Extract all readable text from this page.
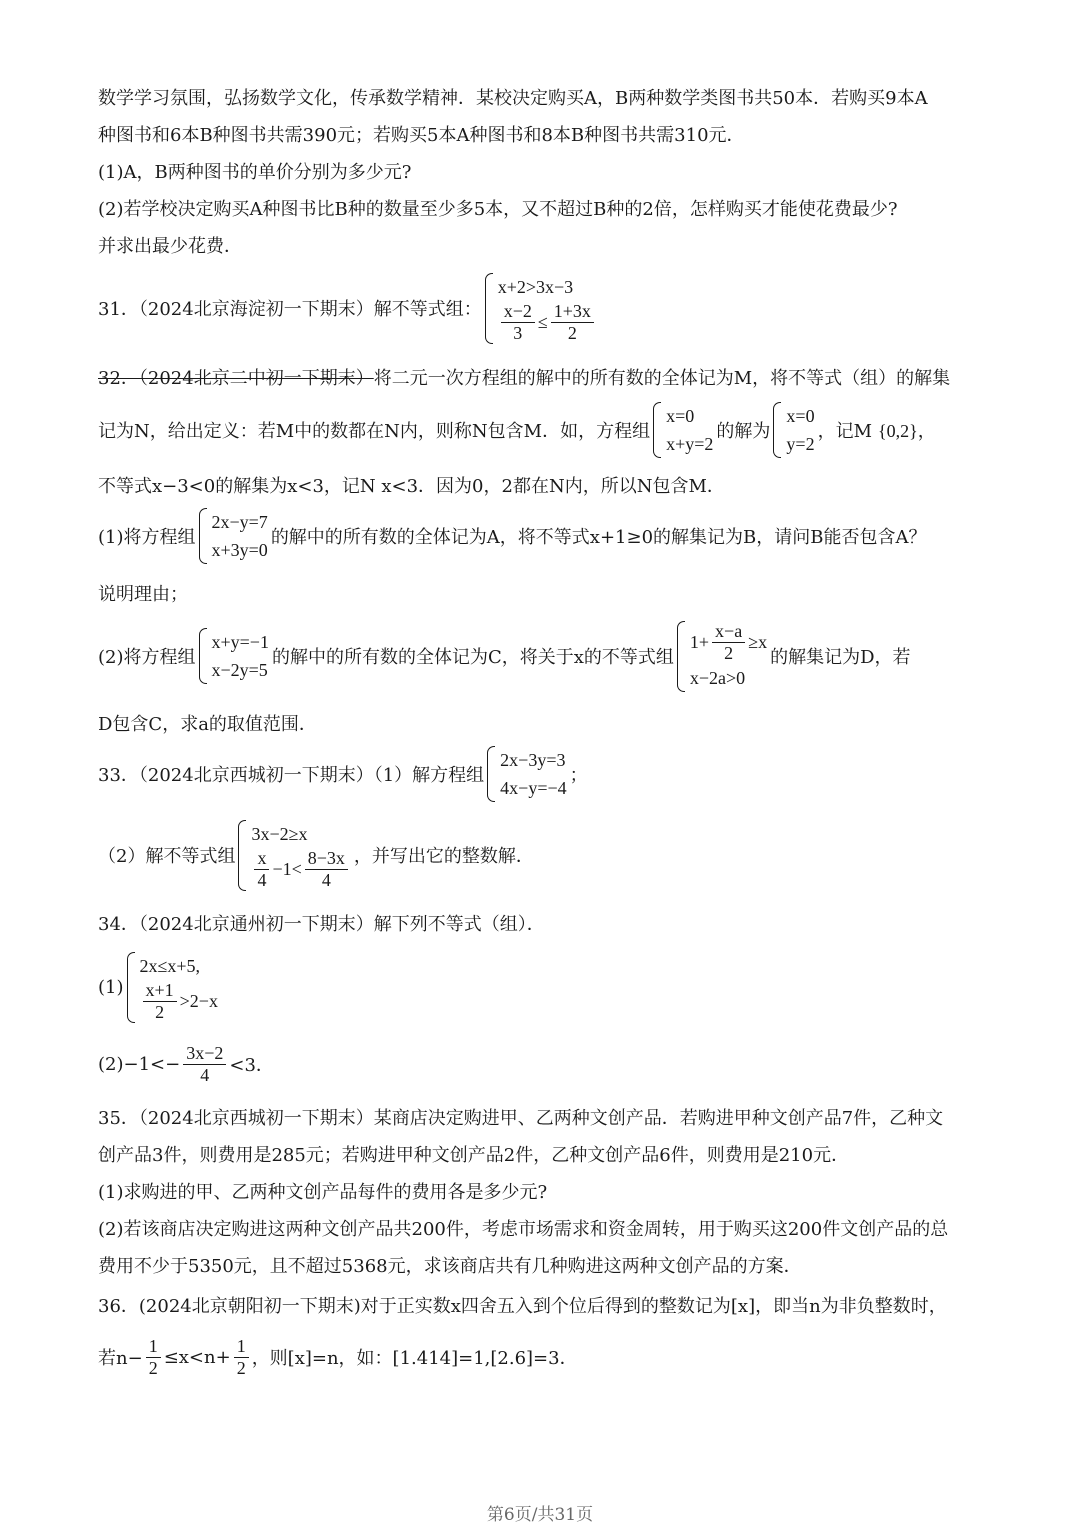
数学学习氛围，弘扬数学文化，传承数学精神．某校决定购买A，B两种数学类图书共50本．若购买9本A
种图书和6本B种图书共需390元；若购买5本A种图书和8本B种图书共需310元．
(1)A，B两种图书的单价分别为多少元?
(2)若学校决定购买A种图书比B种的数量至少多5本，又不超过B种的2倍，怎样购买才能使花费最少?
并求出最少花费．
31．（2024北京海淀初一下期末）解不等式组：
x+2>3x−3
$\frac{x-2}{3} \le \frac{1+3x}{2}$
32．（2024北京二中初一下期末）将二元一次方程组的解中的所有数的全体记为M，将不等式（组）的解集
记为N，给出定义：若M中的数都在N内，则称N包含M．如，方程组
x=0
x+y=2
的解为
x=0
y=2
，记M {0,2}，
不等式x−3<0的解集为x<3，记N x<3．因为0，2都在N内，所以N包含M．
(1)将方程组
2x−y=7
x+3y=0
的解中的所有数的全体记为A，将不等式x+1≥0的解集记为B，请问B能否包含A？
说明理由；
(2)将方程组
x+y=−1
x−2y=5
的解中的所有数的全体记为C，将关于x的不等式组
$1+ \frac{x-a}{2} \ge x$
x−2a>0
的解集记为D，若
D包含C，求a的取值范围．
33．（2024北京西城初一下期末）（1）解方程组
2x−3y=3
4x−y=−4
；
（2）解不等式组
3x−2≥x
$\frac{x}{4} -1< \frac{8-3x}{4}$ ，并写出它的整数解．
34．（2024北京通州初一下期末）解下列不等式（组）．
(1)
2x≤x+5,
$\frac{x+1}{2} >2-x$
$(2)-1<- \frac{3x-2}{4} <3$．
35．（2024北京西城初一下期末）某商店决定购进甲、乙两种文创产品．若购进甲种文创产品7件，乙种文
创产品3件，则费用是285元；若购进甲种文创产品2件，乙种文创产品6件，则费用是210元．
(1)求购进的甲、乙两种文创产品每件的费用各是多少元?
(2)若该商店决定购进这两种文创产品共200件，考虑市场需求和资金周转，用于购买这200件文创产品的总
费用不少于5350元，且不超过5368元，求该商店共有几种购进这两种文创产品的方案．
36．(2024北京朝阳初一下期末)对于正实数x四舍五入到个位后得到的整数记为[x]，即当n为非负整数时，
若$n- \frac{1}{2} \le x<n+ \frac{1}{2}$ ，则[x]=n，如：[1.414]=1,[2.6]=3．
第6页/共31页
